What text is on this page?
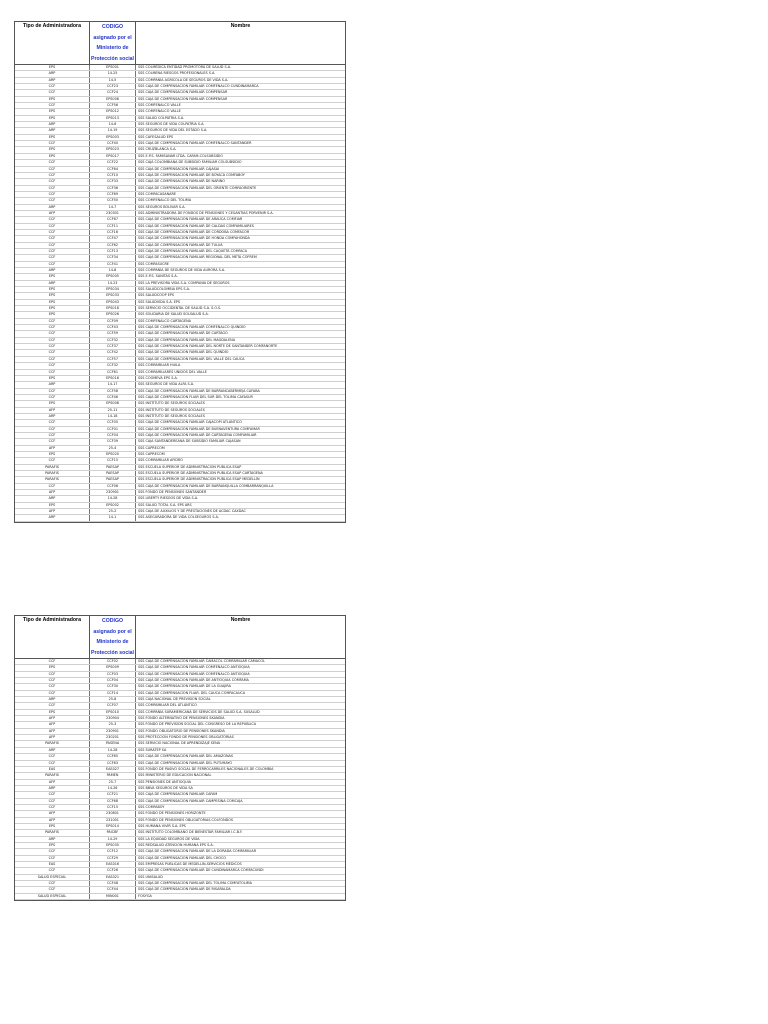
Tipo de Administradora	CODIGO
asignado por el
Ministerio de
Protección social
Nombre
EPS	EPS001	SSS COLMÉDICA ENTIDAD PROMOTORA DE SALUD S.A.
ARP	14-25	SSS COLMENA RIESGOS PROFESIONALES S.A.
ARP	14-5	SSS COMPAÑÍA AGRÍCOLA DE SEGUROS DE VIDA S.A.
CCF	CCF23	SSS CAJA DE COMPENSACIÓN FAMILIAR COMFENALCO CUNDINAMARCA
CCF	CCF24	SSS CAJA DE COMPENSACIÓN FAMILIAR COMPENSAR
EPS	EPS008	SSS CAJA DE COMPENSACIÓN FAMILIAR COMPENSAR
CCF	CCF56	SSS COMFENALCO VALLE
EPS	EPS012	SSS COMFENALCO VALLE
EPS	EPS013	SSS SALUD COLPATRIA S.A.
ARP	14-6	SSS SEGUROS DE VIDA COLPATRIA S.A.
ARP	14-19	SSS SEGUROS DE VIDA DEL ESTADO S.A.
EPS	EPS003	SSS CAFESALUD EPS
CCF	CCF40	SSS CAJA DE COMPENSACIÓN FAMILIAR COMFENALCO SANTANDER
EPS	EPS023	SSS CRUZBLANCA S.A.
EPS	EPS017	SSS E.P.S. FAMISANAR LTDA. CAFAM-COLSUBSIDIO
CCF	CCF22	SSS CAJA COLOMBIANA DE SUBSIDIO FAMILIAR COLSUBSIDIO
CCF	CCF64	SSS CAJA DE COMPENSACIÓN FAMILIAR CAJASAI
CCF	CCF10	SSS CAJA DE COMPENSACIÓN FAMILIAR DE BOYACÁ COMFABOY
CCF	CCF33	SSS CAJA DE COMPENSACIÓN FAMILIAR DE NARIÑO
CCF	CCF36	SSS CAJA DE COMPENSACIÓN FAMILIAR DEL ORIENTE COMFAORIENTE
CCF	CCF69	SSS COMFACASANARE
CCF	CCF50	SSS COMFENALCO DEL TOLIMA
ARP	14-7	SSS SEGUROS BOLÍVAR S.A.
AFP	230301	SSS ADMINISTRADORA DE FONDOS DE PENSIONES Y CESANTÍAS PORVENIR S.A.
CCF	CCF67	SSS CAJA DE COMPENSACIÓN FAMILIAR DE ARAUCA COMFIAR
CCF	CCF11	SSS CAJA DE COMPENSACIÓN FAMILIAR DE CALDAS COMFAMILIARES
CCF	CCF16	SSS CAJA DE COMPENSACIÓN FAMILIAR DE CÓRDOBA COMFACOR
CCF	CCF47	SSS CAJA DE COMPENSACIÓN FAMILIAR DE HONDA COMFAHONDA
CCF	CCF62	SSS CAJA DE COMPENSACIÓN FAMILIAR DE TULUÁ
CCF	CCF13	SSS CAJA DE COMPENSACIÓN FAMILIAR DEL CAQUETÁ COMFACA
CCF	CCF34	SSS CAJA DE COMPENSACIÓN FAMILIAR REGIONAL DEL META COFREM
CCF	CCF41	SSS COMFASUCRE
ARP	14-8	SSS COMPAÑÍA DE SEGUROS DE VIDA AURORA S.A.
EPS	EPS005	SSS E.P.S. SANITAS S.A.
ARP	14-23	SSS LA PREVISORA VIDA S.A. COMPAÑÍA DE SEGUROS
EPS	EPS034	SSS SALUDCOLOMBIA EPS S.A.
EPS	EPS033	SSS SALUDCOOP EPS
EPS	EPS043	SSS SALUDVIDA S.A. EPS
EPS	EPS018	SSS SERVICIO OCCIDENTAL DE SALUD S.A. S.O.S.
EPS	EPS026	SSS SOLIDARIA DE SALUD SOLSALUD S.A.
CCF	CCF09	SSS COMFENALCO CARTAGENA
CCF	CCF43	SSS CAJA DE COMPENSACIÓN FAMILIAR COMFENALCO QUINDÍO
CCF	CCF59	SSS CAJA DE COMPENSACIÓN FAMILIAR DE CARTAGO
CCF	CCF32	SSS CAJA DE COMPENSACIÓN FAMILIAR DEL MAGDALENA
CCF	CCF37	SSS CAJA DE COMPENSACIÓN FAMILIAR DEL NORTE DE SANTANDER COMFANORTE
CCF	CCF42	SSS CAJA DE COMPENSACIÓN FAMILIAR DEL QUINDÍO
CCF	CCF57	SSS CAJA DE COMPENSACIÓN FAMILIAR DEL VALLE DEL CAUCA
CCF	CCF32	SSS COMFAMILIAR HUILA
CCF	CCF61	SSS COMFAMILIARES UNIDOS DEL VALLE
EPS	EPS016	SSS COOMEVA EPS S.A.
ARP	14-17	SSS SEGUROS DE VIDA ALFA S.A.
CCF	CCF58	SSS CAJA DE COMPENSACIÓN FAMILIAR DE BARRANCABERMEJA CAFABA
CCF	CCF46	SSS CAJA DE COMPENSACIÓN FLIAR DEL SUR DEL TOLIMA CAFASUR
EPS	EPS006	SSS INSTITUTO DE SEGUROS SOCIALES
AFP	25-11	SSS INSTITUTO DE SEGUROS SOCIALES
ARP	14-18	SSS INSTITUTO DE SEGUROS SOCIALES
CCF	CCF05	SSS CAJA DE COMPENSACIÓN FAMILIAR CAJACOPI ATLÁNTICO
CCF	CCF01	SSS CAJA DE COMPENSACIÓN FAMILIAR DE BUENAVENTURA COMFAMAR
CCF	CCF04	SSS CAJA DE COMPENSACIÓN FAMILIAR DE CARTAGENA COMFAMILIAR
CCF	CCF39	SSS CAJA SANTANDEREANA DE SUBSIDIO FAMILIAR CAJASAN
AFP	25-4	SSS CAPRECOM
EPS	EPS020	SSS CAPRECOM
CCF	CCF15	SSS COMFAMILIAR AFIDRO
PARAFIS	PAESAP	SSS ESCUELA SUPERIOR DE ADMINISTRACIÓN PÚBLICA ESAP
PARAFIS	PAESAP	SSS ESCUELA SUPERIOR DE ADMINISTRACIÓN PÚBLICA ESAP CARTAGENA
PARAFIS	PAESAP	SSS ESCUELA SUPERIOR DE ADMINISTRACIÓN PÚBLICA ESAP MEDELLÍN
CCF	CCF06	SSS CAJA DE COMPENSACIÓN FAMILIAR DE BARRANQUILLA COMBARRANQUILLA
AFP	230901	SSS FONDO DE PENSIONES SANTANDER
ARP	14-28	SSS LIBERTY RIESGOS DE VIDA S.A.
EPS	EPS002	SSS SALUD TOTAL S.A. EPS ARS
AFP	25-2	SSS CAJA DE AUXILIOS Y DE PRESTACIONES DE ACDAC CAXDAC
ARP	14-1	SSS ASEGURADORA DE VIDA COLSEGUROS S.A.
Tipo de Administradora	CODIGO
asignado por el
Ministerio de
Protección social
Nombre
CCF	CCF02	SSS CAJA DE COMPENSACIÓN FAMILIAR CAMACOL COMFAMILIAR CAMACOL
EPS	EPS009	SSS CAJA DE COMPENSACIÓN FAMILIAR COMFENALCO ANTIOQUIA
CCF	CCF03	SSS CAJA DE COMPENSACIÓN FAMILIAR COMFENALCO ANTIOQUIA
CCF	CCF04	SSS CAJA DE COMPENSACIÓN FAMILIAR DE ANTIOQUIA COMFAMA
CCF	CCF30	SSS CAJA DE COMPENSACIÓN FAMILIAR DE LA GUAJIRA
CCF	CCF14	SSS CAJA DE COMPENSACIÓN FLIAR. DEL CAUCA COMFACAUCA
ARP	25-8	SSS CAJA NACIONAL DE PREVISIÓN SOCIAL
CCF	CCF07	SSS COMFAMILIAR DEL ATLÁNTICO
EPS	EPS010	SSS COMPAÑÍA SURAMERICANA DE SERVICIOS DE SALUD S.A. SUSALUD
AFP	230904	SSS FONDO ALTERNATIVO DE PENSIONES SKANDIA
AFP	25-3	SSS FONDO DE PREVISIÓN SOCIAL DEL CONGRESO DE LA REPÚBLICA
AFP	230901	SSS FONDO OBLIGATORIO DE PENSIONES SKANDIA
AFP	230201	SSS PROTECCIÓN FONDO DE PENSIONES OBLIGATORIAS
PARAFIS	PASENA	SSS SERVICIO NACIONAL DE APRENDIZAJE SENA
ARP	14-28	SSS SURATEP SA
CCF	CCF65	SSS CAJA DE COMPENSACIÓN FAMILIAR DEL AMAZONAS
CCF	CCF63	SSS CAJA DE COMPENSACIÓN FAMILIAR DEL PUTUMAYO
EAS	EAS027	SSS FONDO DE PASIVO SOCIAL DE FERROCARRILES NACIONALES DE COLOMBIA
PARAFIS	PAMEN	SSS MINISTERIO DE EDUCACIÓN NACIONAL
AFP	25-7	SSS PENSIONES DE ANTIOQUIA
ARP	14-26	SSS BBVA SEGUROS DE VIDA SA
CCF	CCF21	SSS CAJA DE COMPENSACIÓN FAMILIAR CAFAM
CCF	CCF68	SSS CAJA DE COMPENSACIÓN FAMILIAR CAMPESINA COMCAJA
CCF	CCF15	SSS COMFABOY
AFP	230801	SSS FONDO DE PENSIONES HORIZONTE
AFP	231001	SSS FONDO DE PENSIONES OBLIGATORIAS COLFONDOS
EPS	EPS014	SSS HUMANA VIVIR S.A. EPS
PARAFIS	PAICBF	SSS INSTITUTO COLOMBIANO DE BIENESTAR FAMILIAR I.C.B.F.
ARP	14-29	SSS LA EQUIDAD SEGUROS DE VIDA
EPS	EPS035	SSS REDSALUD ATENCIÓN HUMANA EPS S.A.
CCF	CCF12	SSS CAJA DE COMPENSACIÓN FAMILIAR DE LA DORADA COMFAMILIAR
CCF	CCF29	SSS CAJA DE COMPENSACIÓN FAMILIAR DEL CHOCÓ
EAS	EAS016	SSS EMPRESAS PÚBLICAS DE MEDELLÍN-SERVICIOS MÉDICOS
CCF	CCF26	SSS CAJA DE COMPENSACIÓN FAMILIAR DE CUNDINAMARCA COMFACUNDI
SALUD ESPECIAL	EAS021	SSS UNISALUD
CCF	CCF48	SSS CAJA DE COMPENSACIÓN FAMILIAR DEL TOLIMA COMFATOLIMA
CCF	CCF44	SSS CAJA DE COMPENSACIÓN FAMILIAR DE RISARALDA
SALUD ESPECIAL	MIN001	FOSYGA
